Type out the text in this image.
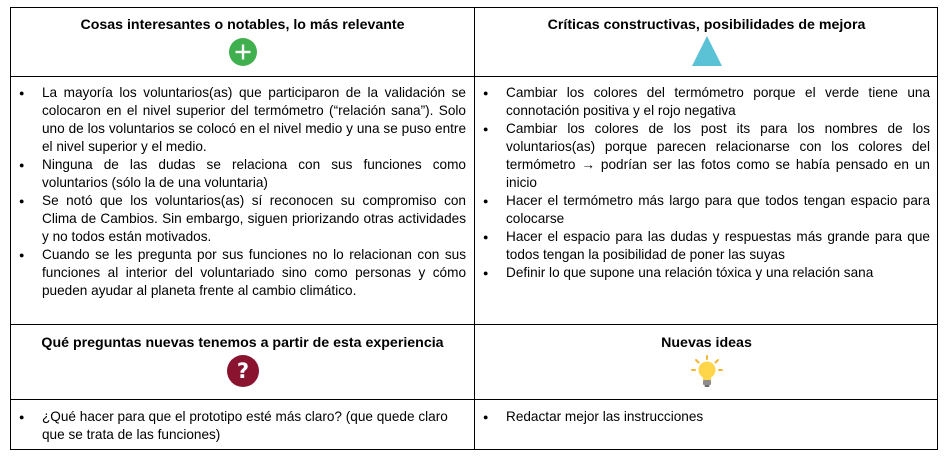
Cosas interesantes o notables, lo más relevante	Críticas constructivas, posibilidades de mejora
● La mayoría los voluntarios(as) que participaron de la validación se colocaron en el nivel superior del termómetro (“relación sana”). Solo uno de los voluntarios se colocó en el nivel medio y una se puso entre el nivel superior y el medio.
● Ninguna de las dudas se relaciona con sus funciones como voluntarios (sólo la de una voluntaria)
● Se notó que los voluntarios(as) sí reconocen su compromiso con Clima de Cambios. Sin embargo, siguen priorizando otras actividades y no todos están motivados.
● Cuando se les pregunta por sus funciones no lo relacionan con sus funciones al interior del voluntariado sino como personas y cómo pueden ayudar al planeta frente al cambio climático.
● Cambiar los colores del termómetro porque el verde tiene una connotación positiva y el rojo negativa
● Cambiar los colores de los post its para los nombres de los voluntarios(as) porque parecen relacionarse con los colores del termómetro → podrían ser las fotos como se había pensado en un inicio
● Hacer el termómetro más largo para que todos tengan espacio para colocarse
● Hacer el espacio para las dudas y respuestas más grande para que todos tengan la posibilidad de poner las suyas
● Definir lo que supone una relación tóxica y una relación sana
Qué preguntas nuevas tenemos a partir de esta experiencia
?
Nuevas ideas
● ¿Qué hacer para que el prototipo esté más claro? (que quede claro que se trata de las funciones)
● Redactar mejor las instrucciones
